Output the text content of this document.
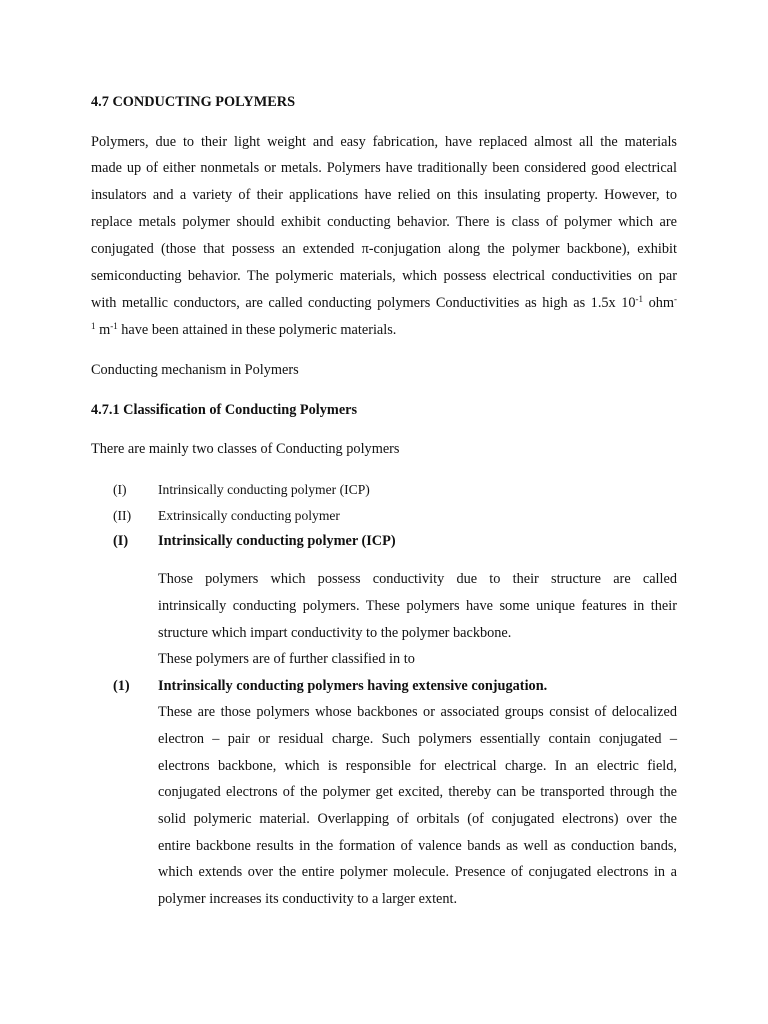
4.7 CONDUCTING POLYMERS
Polymers, due to their light weight and easy fabrication, have replaced almost all the materials
made up of either nonmetals or metals. Polymers have traditionally been considered good electrical
insulators and a variety of their applications have relied on this insulating property. However, to
replace metals polymer should exhibit conducting behavior. There is class of polymer which are
conjugated (those that possess an extended π-conjugation along the polymer backbone), exhibit
semiconducting behavior. The polymeric materials, which possess electrical conductivities on par
with metallic conductors, are called conducting polymers Conductivities as high as 1.5x $10^{-1}$ ohm-
$^1$ $m^{-1}$ have been attained in these polymeric materials.
Conducting mechanism in Polymers
4.7.1 Classification of Conducting Polymers
There are mainly two classes of Conducting polymers
(I) Intrinsically conducting polymer (ICP)
(II) Extrinsically conducting polymer
(I) Intrinsically conducting polymer (ICP)
Those polymers which possess conductivity due to their structure are called
intrinsically conducting polymers. These polymers have some unique features in their
structure which impart conductivity to the polymer backbone.
These polymers are of further classified in to
(1) Intrinsically conducting polymers having extensive conjugation.
These are those polymers whose backbones or associated groups consist of delocalized
electron – pair or residual charge. Such polymers essentially contain conjugated –
electrons backbone, which is responsible for electrical charge. In an electric field,
conjugated electrons of the polymer get excited, thereby can be transported through the
solid polymeric material. Overlapping of orbitals (of conjugated electrons) over the
entire backbone results in the formation of valence bands as well as conduction bands,
which extends over the entire polymer molecule. Presence of conjugated electrons in a
polymer increases its conductivity to a larger extent.
